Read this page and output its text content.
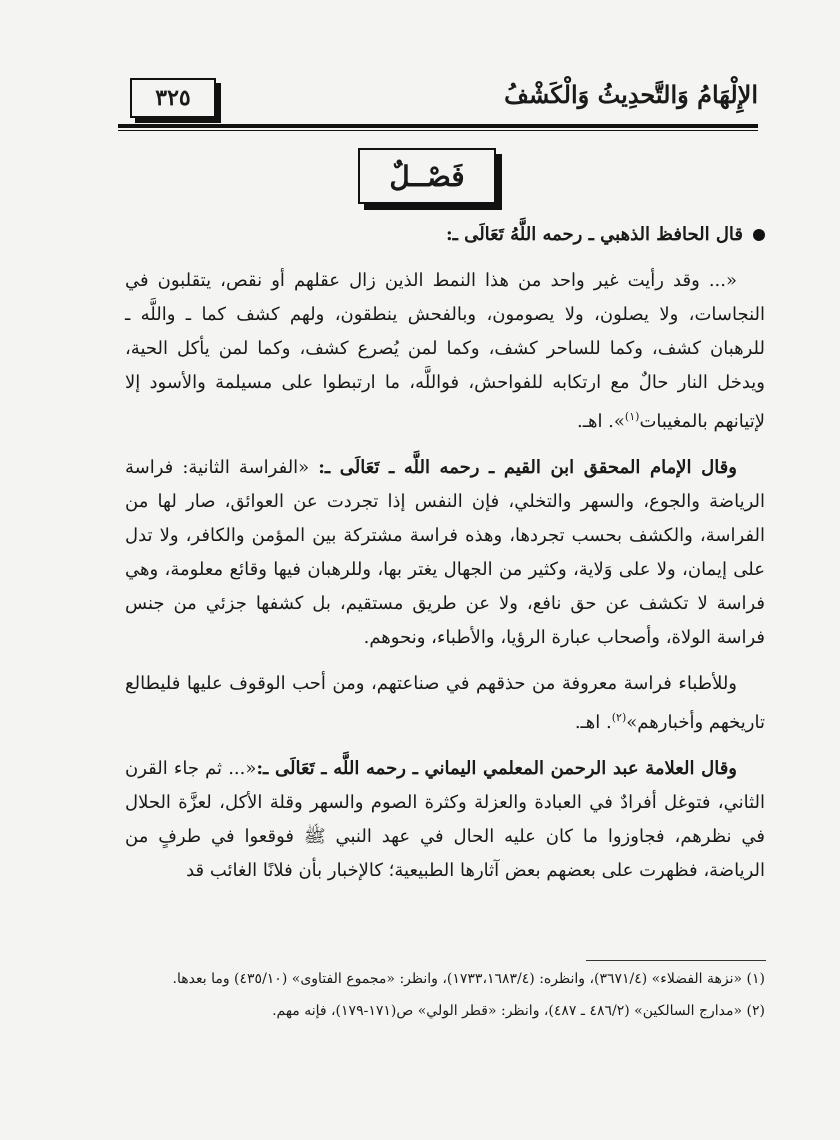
٣٢٥	الإِلْهَامُ وَالتَّحدِيثُ وَالْكَشْفُ
فَصْــلٌ

قال الحافظ الذهبي ـ رحمه اللَّهُ تَعَالَى ـ:

«... وقد رأيت غير واحد من هذا النمط الذين زال عقلهم أو نقص، يتقلبون في النجاسات، ولا يصلون، ولا يصومون، وبالفحش ينطقون، ولهم كشف كما ـ واللَّه ـ للرهبان كشف، وكما للساحر كشف، وكما لمن يُصرع كشف، وكما لمن يأكل الحية، ويدخل النار حالٌ مع ارتكابه للفواحش، فواللَّه، ما ارتبطوا على مسيلمة والأسود إلا لإتيانهم بالمغيبات$^{(١)}$». اهـ.

وقال الإمام المحقق ابن القيم ـ رحمه اللَّه ـ تَعَالَى ـ: «الفراسة الثانية: فراسة الرياضة والجوع، والسهر والتخلي، فإن النفس إذا تجردت عن العوائق، صار لها من الفراسة، والكشف بحسب تجردها، وهذه فراسة مشتركة بين المؤمن والكافر، ولا تدل على إيمان، ولا على وَلاية، وكثير من الجهال يغتر بها، وللرهبان فيها وقائع معلومة، وهي فراسة لا تكشف عن حق نافع، ولا عن طريق مستقيم، بل كشفها جزئي من جنس فراسة الولاة، وأصحاب عبارة الرؤيا، والأطباء، ونحوهم.

وللأطباء فراسة معروفة من حذقهم في صناعتهم، ومن أحب الوقوف عليها فليطالع تاريخهم وأخبارهم»$^{(٢)}$. اهـ.

وقال العلامة عبد الرحمن المعلمي اليماني ـ رحمه اللَّه ـ تَعَالَى ـ:«... ثم جاء القرن الثاني، فتوغل أفرادٌ في العبادة والعزلة وكثرة الصوم والسهر وقلة الأكل، لعزَّة الحلال في نظرهم، فجاوزوا ما كان عليه الحال في عهد النبي ﷺ فوقعوا في طرفٍ من الرياضة، فظهرت على بعضهم بعض آثارها الطبيعية؛ كالإخبار بأن فلانًا الغائب قد

(١) «نزهة الفضلاء» (٣٦٧١/٤)، وانظره: (١٧٣٣،١٦٨٣/٤)، وانظر: «مجموع الفتاوى» (٤٣٥/١٠) وما بعدها.

(٢) «مدارج السالكين» (٤٨٦/٢ ـ ٤٨٧)، وانظر: «قطر الولي» ص(١٧١-١٧٩)، فإنه مهم.
